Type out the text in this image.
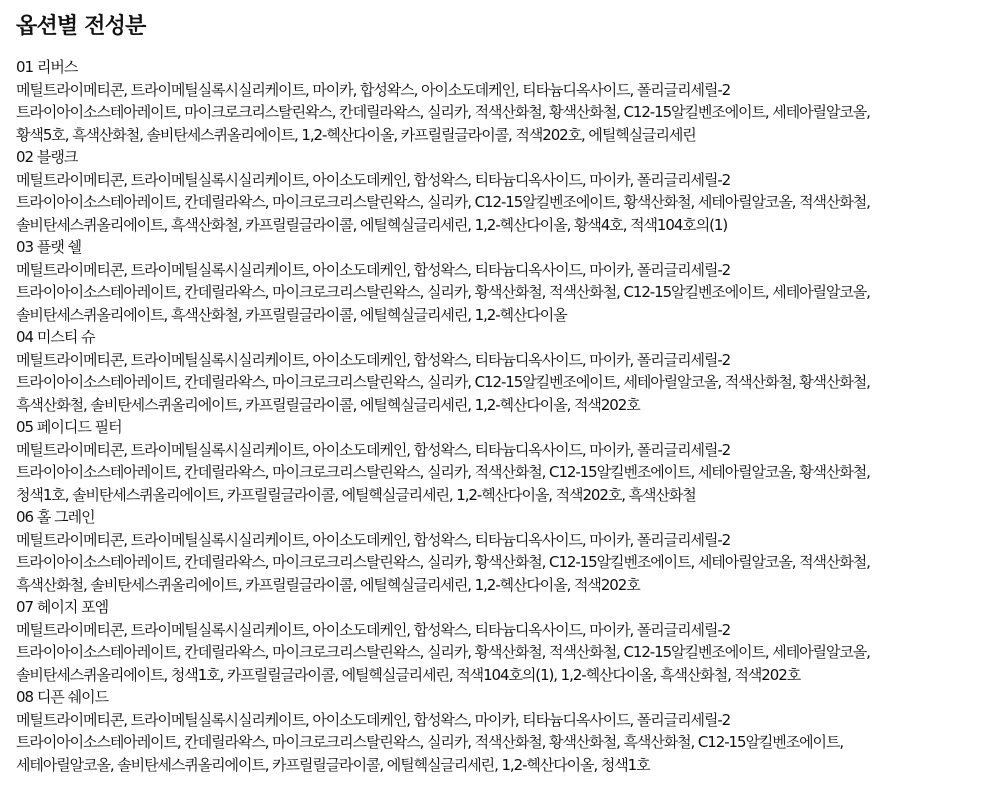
옵션별 전성분
01 리버스
메틸트라이메티콘, 트라이메틸실록시실리케이트, 마이카, 합성왁스, 아이소도데케인, 티타늄디옥사이드, 폴리글리세릴-2
트라이아이소스테아레이트, 마이크로크리스탈린왁스, 칸데릴라왁스, 실리카, 적색산화철, 황색산화철, C12-15알킬벤조에이트, 세테아릴알코올,
황색5호, 흑색산화철, 솔비탄세스퀴올리에이트, 1,2-헥산다이올, 카프릴릴글라이콜, 적색202호, 에틸헥실글리세린
02 블랭크
메틸트라이메티콘, 트라이메틸실록시실리케이트, 아이소도데케인, 합성왁스, 티타늄디옥사이드, 마이카, 폴리글리세릴-2
트라이아이소스테아레이트, 칸데릴라왁스, 마이크로크리스탈린왁스, 실리카, C12-15알킬벤조에이트, 황색산화철, 세테아릴알코올, 적색산화철,
솔비탄세스퀴올리에이트, 흑색산화철, 카프릴릴글라이콜, 에틸헥실글리세린, 1,2-헥산다이올, 황색4호, 적색104호의(1)
03 플랫 쉘
메틸트라이메티콘, 트라이메틸실록시실리케이트, 아이소도데케인, 합성왁스, 티타늄디옥사이드, 마이카, 폴리글리세릴-2
트라이아이소스테아레이트, 칸데릴라왁스, 마이크로크리스탈린왁스, 실리카, 황색산화철, 적색산화철, C12-15알킬벤조에이트, 세테아릴알코올,
솔비탄세스퀴올리에이트, 흑색산화철, 카프릴릴글라이콜, 에틸헥실글리세린, 1,2-헥산다이올
04 미스티 슈
메틸트라이메티콘, 트라이메틸실록시실리케이트, 아이소도데케인, 합성왁스, 티타늄디옥사이드, 마이카, 폴리글리세릴-2
트라이아이소스테아레이트, 칸데릴라왁스, 마이크로크리스탈린왁스, 실리카, C12-15알킬벤조에이트, 세테아릴알코올, 적색산화철, 황색산화철,
흑색산화철, 솔비탄세스퀴올리에이트, 카프릴릴글라이콜, 에틸헥실글리세린, 1,2-헥산다이올, 적색202호
05 페이디드 필터
메틸트라이메티콘, 트라이메틸실록시실리케이트, 아이소도데케인, 합성왁스, 티타늄디옥사이드, 마이카, 폴리글리세릴-2
트라이아이소스테아레이트, 칸데릴라왁스, 마이크로크리스탈린왁스, 실리카, 적색산화철, C12-15알킬벤조에이트, 세테아릴알코올, 황색산화철,
청색1호, 솔비탄세스퀴올리에이트, 카프릴릴글라이콜, 에틸헥실글리세린, 1,2-헥산다이올, 적색202호, 흑색산화철
06 홀 그레인
메틸트라이메티콘, 트라이메틸실록시실리케이트, 아이소도데케인, 합성왁스, 티타늄디옥사이드, 마이카, 폴리글리세릴-2
트라이아이소스테아레이트, 칸데릴라왁스, 마이크로크리스탈린왁스, 실리카, 황색산화철, C12-15알킬벤조에이트, 세테아릴알코올, 적색산화철,
흑색산화철, 솔비탄세스퀴올리에이트, 카프릴릴글라이콜, 에틸헥실글리세린, 1,2-헥산다이올, 적색202호
07 헤이지 포엠
메틸트라이메티콘, 트라이메틸실록시실리케이트, 아이소도데케인, 합성왁스, 티타늄디옥사이드, 마이카, 폴리글리세릴-2
트라이아이소스테아레이트, 칸데릴라왁스, 마이크로크리스탈린왁스, 실리카, 황색산화철, 적색산화철, C12-15알킬벤조에이트, 세테아릴알코올,
솔비탄세스퀴올리에이트, 청색1호, 카프릴릴글라이콜, 에틸헥실글리세린, 적색104호의(1), 1,2-헥산다이올, 흑색산화철, 적색202호
08 디픈 쉐이드
메틸트라이메티콘, 트라이메틸실록시실리케이트, 아이소도데케인, 합성왁스, 마이카, 티타늄디옥사이드, 폴리글리세릴-2
트라이아이소스테아레이트, 칸데릴라왁스, 마이크로크리스탈린왁스, 실리카, 적색산화철, 황색산화철, 흑색산화철, C12-15알킬벤조에이트,
세테아릴알코올, 솔비탄세스퀴올리에이트, 카프릴릴글라이콜, 에틸헥실글리세린, 1,2-헥산다이올, 청색1호
